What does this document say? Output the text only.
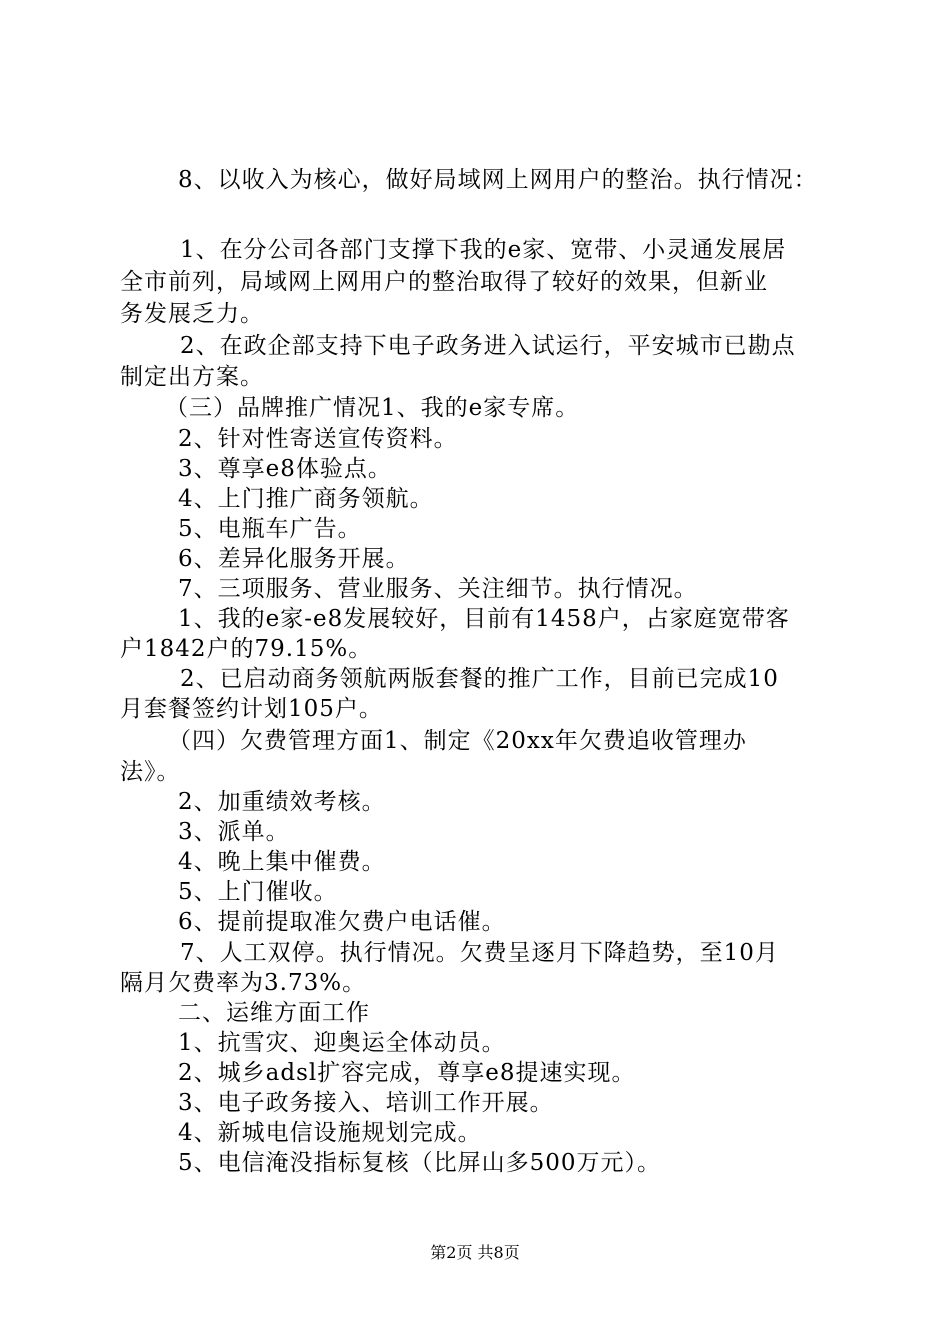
8、以收入为核心，做好局域网上网用户的整治。执行情况：
1、在分公司各部门支撑下我的e家、宽带、小灵通发展居
全市前列，局域网上网用户的整治取得了较好的效果，但新业
务发展乏力。
2、在政企部支持下电子政务进入试运行，平安城市已勘点
制定出方案。
（三）品牌推广情况1、我的e家专席。
2、针对性寄送宣传资料。
3、尊享e8体验点。
4、上门推广商务领航。
5、电瓶车广告。
6、差异化服务开展。
7、三项服务、营业服务、关注细节。执行情况。
1、我的e家-e8发展较好，目前有1458户，占家庭宽带客
户1842户的79.15%。
2、已启动商务领航两版套餐的推广工作，目前已完成10
月套餐签约计划105户。
（四）欠费管理方面1、制定《20xx年欠费追收管理办
法》。
2、加重绩效考核。
3、派单。
4、晚上集中催费。
5、上门催收。
6、提前提取准欠费户电话催。
7、人工双停。执行情况。欠费呈逐月下降趋势，至10月
隔月欠费率为3.73%。
二、运维方面工作
1、抗雪灾、迎奥运全体动员。
2、城乡adsl扩容完成，尊享e8提速实现。
3、电子政务接入、培训工作开展。
4、新城电信设施规划完成。
5、电信淹没指标复核（比屏山多500万元）。
第2页 共8页
